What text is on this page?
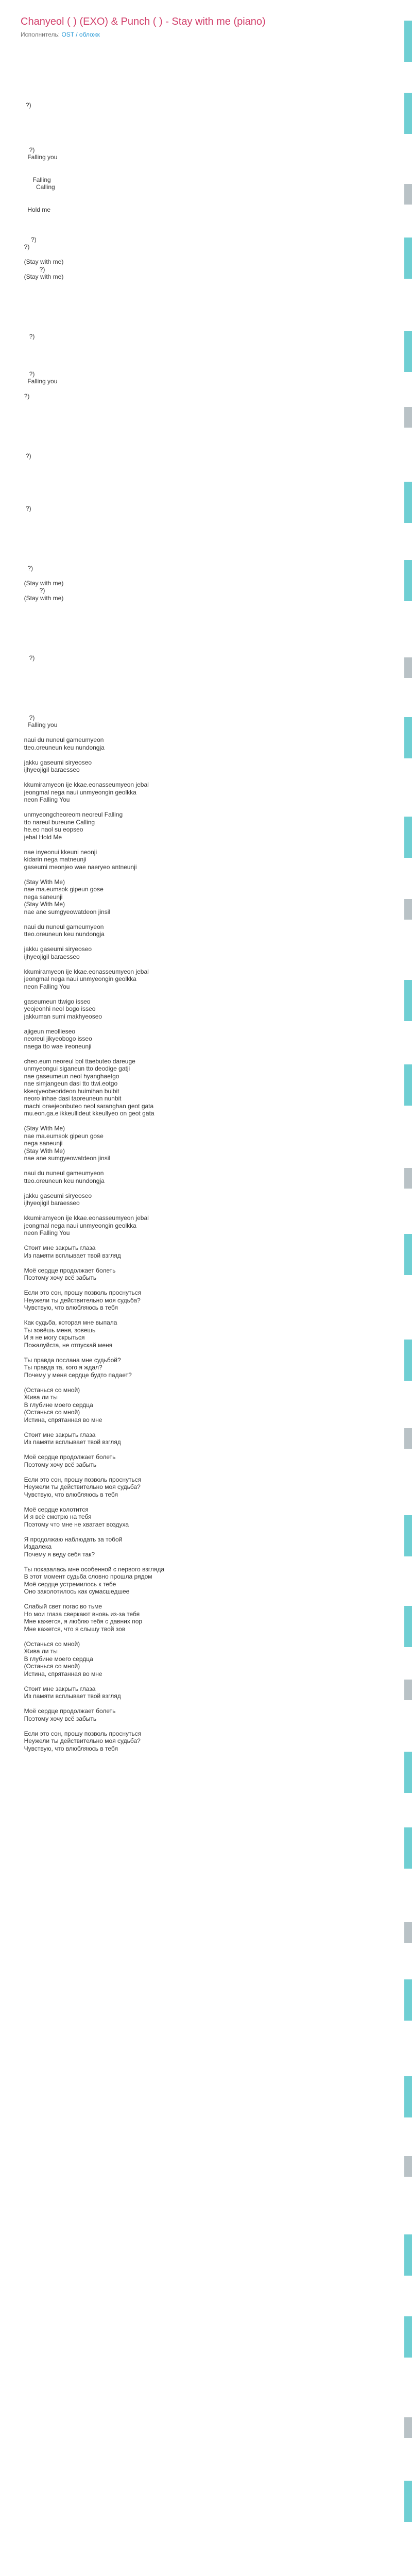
Chanyeol ( ) (EXO) & Punch ( ) - Stay with me (piano)
Исполнитель: OST / обложк

?)

?)
Falling you

Falling
Calling

Hold me

?)
?)

(Stay with me)
?)
(Stay with me)

?)

?)
Falling you

?)

?)

?)

?)

(Stay with me)
?)
(Stay with me)

?)

?)
Falling you

naui du nuneul gameumyeon
tteo.oreuneun keu nundongja

jakku gaseumi siryeoseo
ijhyeojigil baraesseo

kkumiramyeon ije kkae.eonasseumyeon jebal
jeongmal nega naui unmyeongin geolkka
neon Falling You

unmyeongcheoreom neoreul Falling
tto nareul bureune Calling
he.eo naol su eopseo
jebal Hold Me

nae inyeonui kkeuni neonji
kidarin nega matneunji
gaseumi meonjeo wae naeryeo antneunji

(Stay With Me)
nae ma.eumsok gipeun gose
nega saneunji
(Stay With Me)
nae ane sumgyeowatdeon jinsil

naui du nuneul gameumyeon
tteo.oreuneun keu nundongja

jakku gaseumi siryeoseo
ijhyeojigil baraesseo

kkumiramyeon ije kkae.eonasseumyeon jebal
jeongmal nega naui unmyeongin geolkka
neon Falling You

gaseumeun ttwigo isseo
yeojeonhi neol bogo isseo
jakkuman sumi makhyeoseo

ajigeun meollieseo
neoreul jikyeobogo isseo
naega tto wae ireoneunji

cheo.eum neoreul bol ttaebuteo dareuge
unmyeongui siganeun tto deodige gatji
nae gaseumeun neol hyanghaetgo
nae simjangeun dasi tto ttwi.eotgo
kkeojyeobeorideon huimihan bulbit
neoro inhae dasi taoreuneun nunbit
machi oraejeonbuteo neol saranghan geot gata
mu.eon.ga.e ikkeullideut kkeullyeo on geot gata

(Stay With Me)
nae ma.eumsok gipeun gose
nega saneunji
(Stay With Me)
nae ane sumgyeowatdeon jinsil

naui du nuneul gameumyeon
tteo.oreuneun keu nundongja

jakku gaseumi siryeoseo
ijhyeojigil baraesseo

kkumiramyeon ije kkae.eonasseumyeon jebal
jeongmal nega naui unmyeongin geolkka
neon Falling You

Стоит мне закрыть глаза
Из памяти всплывает твой взгляд

Моё сердце продолжает болеть
Поэтому хочу всё забыть

Если это сон, прошу позволь проснуться
Неужели ты действительно моя судьба?
Чувствую, что влюбляюсь в тебя

Как судьба, которая мне выпала
Ты зовёшь меня, зовешь
И я не могу скрыться
Пожалуйста, не отпускай меня

Ты правда послана мне судьбой?
Ты правда та, кого я ждал?
Почему у меня сердце будто падает?

(Останься со мной)
Жива ли ты
В глубине моего сердца
(Останься со мной)
Истина, спрятанная во мне

Стоит мне закрыть глаза
Из памяти всплывает твой взгляд

Моё сердце продолжает болеть
Поэтому хочу всё забыть

Если это сон, прошу позволь проснуться
Неужели ты действительно моя судьба?
Чувствую, что влюбляюсь в тебя

Моё сердце колотится
И я всё смотрю на тебя
Поэтому что мне не хватает воздуха

Я продолжаю наблюдать за тобой
Издалека
Почему я веду себя так?

Ты показалась мне особенной с первого взгляда
В этот момент судьба словно прошла рядом
Моё сердце устремилось к тебе
Оно заколотилось как сумасшедшее

Слабый свет погас во тьме
Но мои глаза сверкают вновь из-за тебя
Мне кажется, я люблю тебя с давних пор
Мне кажется, что я слышу твой зов

(Останься со мной)
Жива ли ты
В глубине моего сердца
(Останься со мной)
Истина, спрятанная во мне

Стоит мне закрыть глаза
Из памяти всплывает твой взгляд

Моё сердце продолжает болеть
Поэтому хочу всё забыть

Если это сон, прошу позволь проснуться
Неужели ты действительно моя судьба?
Чувствую, что влюбляюсь в тебя
